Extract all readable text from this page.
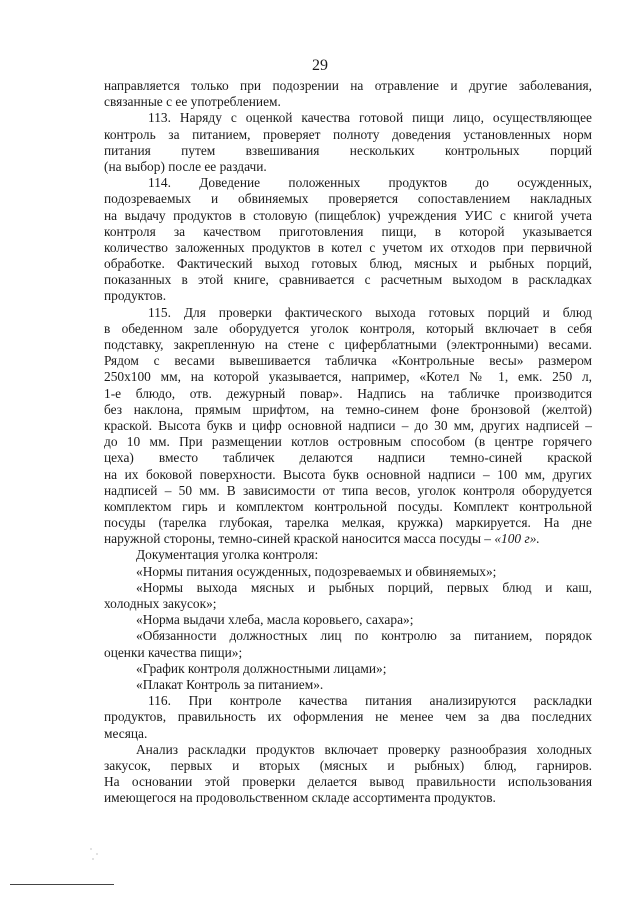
29
направляется только при подозрении на отравление и другие заболевания,
связанные с ее употреблением.
113. Наряду с оценкой качества готовой пищи лицо, осуществляющее
контроль за питанием, проверяет полноту доведения установленных норм
питания путем взвешивания нескольких контрольных порций
(на выбор) после ее раздачи.
114. Доведение положенных продуктов до осужденных,
подозреваемых и обвиняемых проверяется сопоставлением накладных
на выдачу продуктов в столовую (пищеблок) учреждения УИС с книгой учета
контроля за качеством приготовления пищи, в которой указывается
количество заложенных продуктов в котел с учетом их отходов при первичной
обработке. Фактический выход готовых блюд, мясных и рыбных порций,
показанных в этой книге, сравнивается с расчетным выходом в раскладках
продуктов.
115. Для проверки фактического выхода готовых порций и блюд
в обеденном зале оборудуется уголок контроля, который включает в себя
подставку, закрепленную на стене с циферблатными (электронными) весами.
Рядом с весами вывешивается табличка «Контрольные весы» размером
250x100 мм, на которой указывается, например, «Котел № 1, емк. 250 л,
1-е блюдо, отв. дежурный повар». Надпись на табличке производится
без наклона, прямым шрифтом, на темно-синем фоне бронзовой (желтой)
краской. Высота букв и цифр основной надписи – до 30 мм, других надписей –
до 10 мм. При размещении котлов островным способом (в центре горячего
цеха) вместо табличек делаются надписи темно-синей краской
на их боковой поверхности. Высота букв основной надписи – 100 мм, других
надписей – 50 мм. В зависимости от типа весов, уголок контроля оборудуется
комплектом гирь и комплектом контрольной посуды. Комплект контрольной
посуды (тарелка глубокая, тарелка мелкая, кружка) маркируется. На дне
наружной стороны, темно-синей краской наносится масса посуды – «100 г».
Документация уголка контроля:
«Нормы питания осужденных, подозреваемых и обвиняемых»;
«Нормы выхода мясных и рыбных порций, первых блюд и каш,
холодных закусок»;
«Норма выдачи хлеба, масла коровьего, сахара»;
«Обязанности должностных лиц по контролю за питанием, порядок
оценки качества пищи»;
«График контроля должностными лицами»;
«Плакат Контроль за питанием».
116. При контроле качества питания анализируются раскладки
продуктов, правильность их оформления не менее чем за два последних
месяца.
Анализ раскладки продуктов включает проверку разнообразия холодных
закусок, первых и вторых (мясных и рыбных) блюд, гарниров.
На основании этой проверки делается вывод правильности использования
имеющегося на продовольственном складе ассортимента продуктов.
